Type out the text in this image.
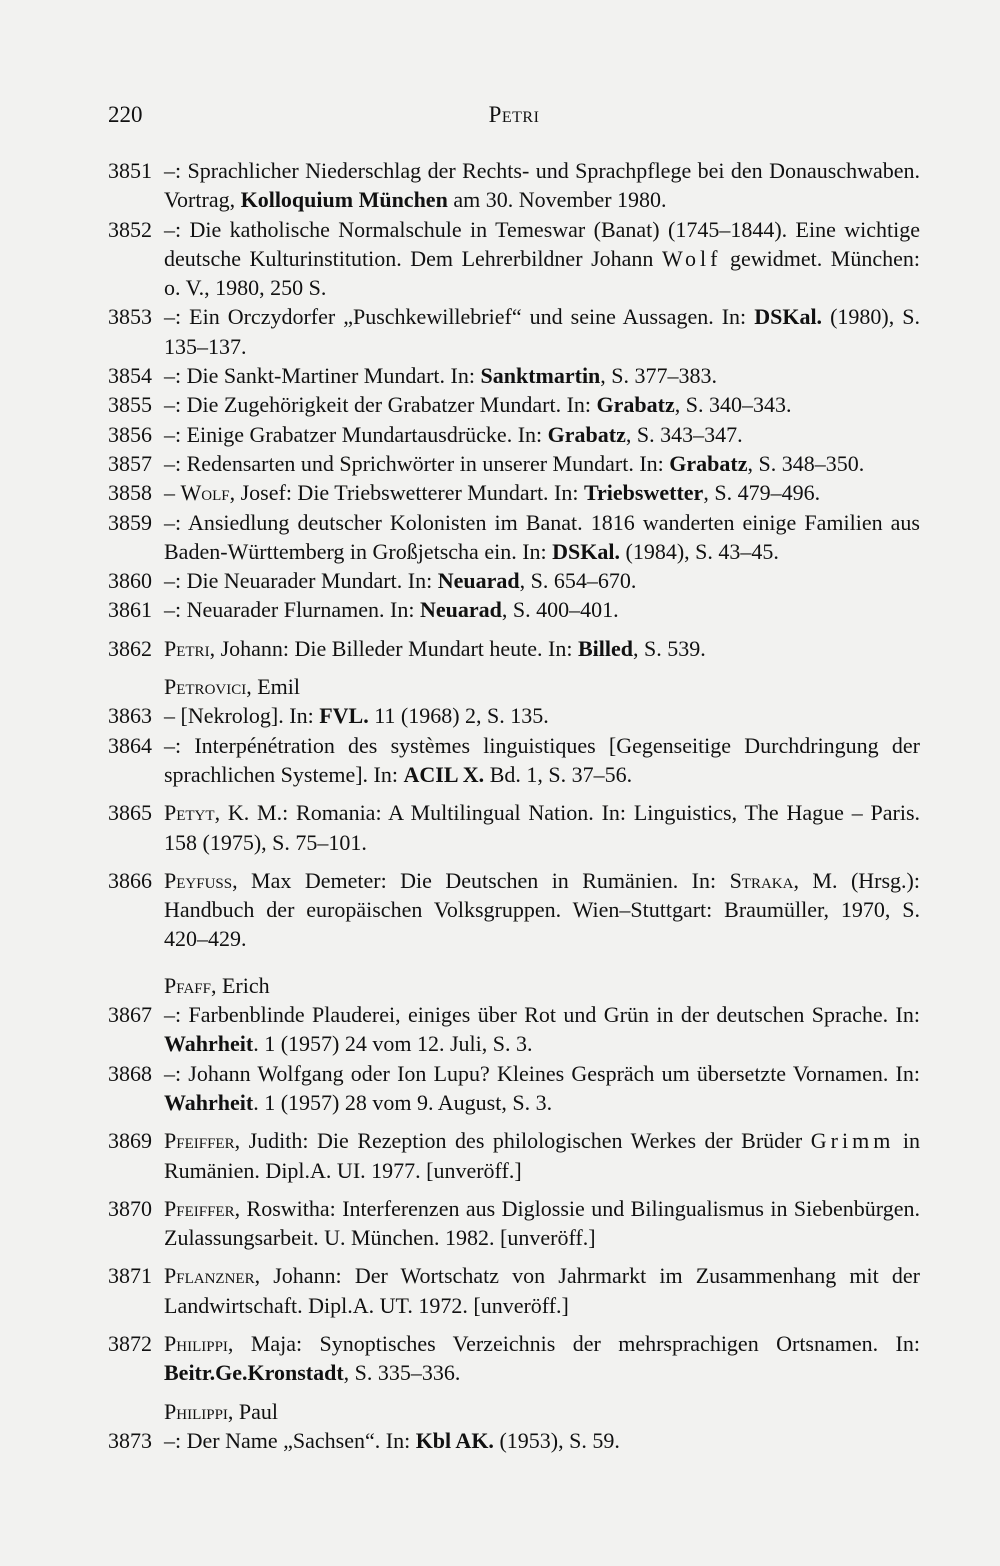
220	Petri
3851 –: Sprachlicher Niederschlag der Rechts- und Sprachpflege bei den Donauschwaben. Vortrag, Kolloquium München am 30. November 1980.
3852 –: Die katholische Normalschule in Temeswar (Banat) (1745–1844). Eine wichtige deutsche Kulturinstitution. Dem Lehrerbildner Johann Wolf gewidmet. München: o. V., 1980, 250 S.
3853 –: Ein Orczydorfer „Puschkewillebrief“ und seine Aussagen. In: DSKal. (1980), S. 135–137.
3854 –: Die Sankt-Martiner Mundart. In: Sanktmartin, S. 377–383.
3855 –: Die Zugehörigkeit der Grabatzer Mundart. In: Grabatz, S. 340–343.
3856 –: Einige Grabatzer Mundartausdrücke. In: Grabatz, S. 343–347.
3857 –: Redensarten und Sprichwörter in unserer Mundart. In: Grabatz, S. 348–350.
3858 – Wolf, Josef: Die Triebswetterer Mundart. In: Triebswetter, S. 479–496.
3859 –: Ansiedlung deutscher Kolonisten im Banat. 1816 wanderten einige Familien aus Baden-Württemberg in Großjetscha ein. In: DSKal. (1984), S. 43–45.
3860 –: Die Neuarader Mundart. In: Neuarad, S. 654–670.
3861 –: Neuarader Flurnamen. In: Neuarad, S. 400–401.
3862 Petri, Johann: Die Billeder Mundart heute. In: Billed, S. 539.
Petrovici, Emil
3863 – [Nekrolog]. In: FVL. 11 (1968) 2, S. 135.
3864 –: Interpénétration des systèmes linguistiques [Gegenseitige Durchdringung der sprachlichen Systeme]. In: ACIL X. Bd. 1, S. 37–56.
3865 Petyt, K. M.: Romania: A Multilingual Nation. In: Linguistics, The Hague – Paris. 158 (1975), S. 75–101.
3866 Peyfuss, Max Demeter: Die Deutschen in Rumänien. In: Straka, M. (Hrsg.): Handbuch der europäischen Volksgruppen. Wien–Stuttgart: Braumüller, 1970, S. 420–429.
Pfaff, Erich
3867 –: Farbenblinde Plauderei, einiges über Rot und Grün in der deutschen Sprache. In: Wahrheit. 1 (1957) 24 vom 12. Juli, S. 3.
3868 –: Johann Wolfgang oder Ion Lupu? Kleines Gespräch um übersetzte Vornamen. In: Wahrheit. 1 (1957) 28 vom 9. August, S. 3.
3869 Pfeiffer, Judith: Die Rezeption des philologischen Werkes der Brüder Grimm in Rumänien. Dipl.A. UI. 1977. [unveröff.]
3870 Pfeiffer, Roswitha: Interferenzen aus Diglossie und Bilingualismus in Siebenbürgen. Zulassungsarbeit. U. München. 1982. [unveröff.]
3871 Pflanzner, Johann: Der Wortschatz von Jahrmarkt im Zusammenhang mit der Landwirtschaft. Dipl.A. UT. 1972. [unveröff.]
3872 Philippi, Maja: Synoptisches Verzeichnis der mehrsprachigen Ortsnamen. In: Beitr.Ge.Kronstadt, S. 335–336.
Philippi, Paul
3873 –: Der Name „Sachsen“. In: Kbl AK. (1953), S. 59.
